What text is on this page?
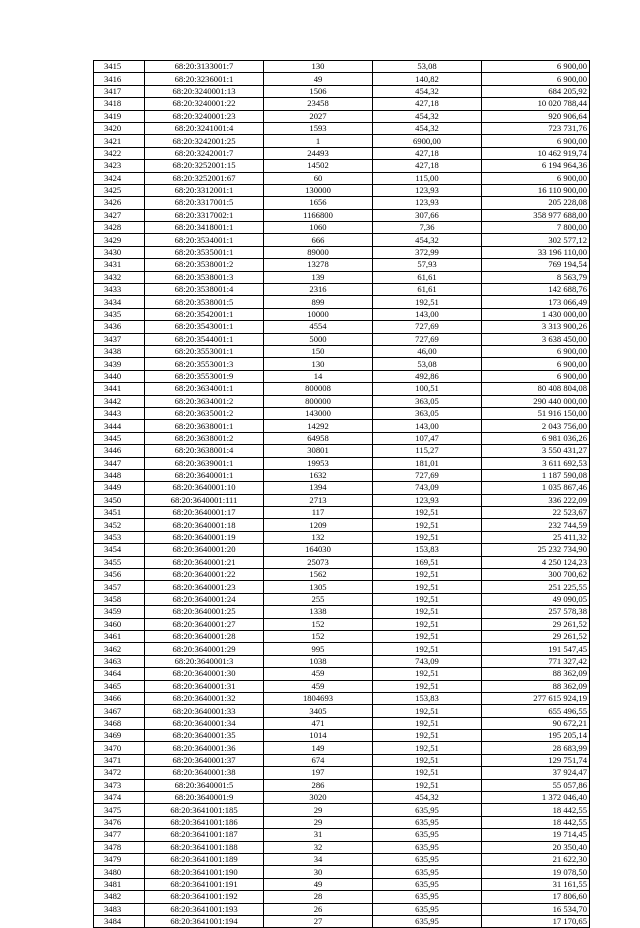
3415	68:20:3133001:7	130	53,08	6 900,00
3416	68:20:3236001:1	49	140,82	6 900,00
3417	68:20:3240001:13	1506	454,32	684 205,92
3418	68:20:3240001:22	23458	427,18	10 020 788,44
3419	68:20:3240001:23	2027	454,32	920 906,64
3420	68:20:3241001:4	1593	454,32	723 731,76
3421	68:20:3242001:25	1	6900,00	6 900,00
3422	68:20:3242001:7	24493	427,18	10 462 919,74
3423	68:20:3252001:15	14502	427,18	6 194 964,36
3424	68:20:3252001:67	60	115,00	6 900,00
3425	68:20:3312001:1	130000	123,93	16 110 900,00
3426	68:20:3317001:5	1656	123,93	205 228,08
3427	68:20:3317002:1	1166800	307,66	358 977 688,00
3428	68:20:3418001:1	1060	7,36	7 800,00
3429	68:20:3534001:1	666	454,32	302 577,12
3430	68:20:3535001:1	89000	372,99	33 196 110,00
3431	68:20:3538001:2	13278	57,93	769 194,54
3432	68:20:3538001:3	139	61,61	8 563,79
3433	68:20:3538001:4	2316	61,61	142 688,76
3434	68:20:3538001:5	899	192,51	173 066,49
3435	68:20:3542001:1	10000	143,00	1 430 000,00
3436	68:20:3543001:1	4554	727,69	3 313 900,26
3437	68:20:3544001:1	5000	727,69	3 638 450,00
3438	68:20:3553001:1	150	46,00	6 900,00
3439	68:20:3553001:3	130	53,08	6 900,00
3440	68:20:3553001:9	14	492,86	6 900,00
3441	68:20:3634001:1	800008	100,51	80 408 804,08
3442	68:20:3634001:2	800000	363,05	290 440 000,00
3443	68:20:3635001:2	143000	363,05	51 916 150,00
3444	68:20:3638001:1	14292	143,00	2 043 756,00
3445	68:20:3638001:2	64958	107,47	6 981 036,26
3446	68:20:3638001:4	30801	115,27	3 550 431,27
3447	68:20:3639001:1	19953	181,01	3 611 692,53
3448	68:20:3640001:1	1632	727,69	1 187 590,08
3449	68:20:3640001:10	1394	743,09	1 035 867,46
3450	68:20:3640001:111	2713	123,93	336 222,09
3451	68:20:3640001:17	117	192,51	22 523,67
3452	68:20:3640001:18	1209	192,51	232 744,59
3453	68:20:3640001:19	132	192,51	25 411,32
3454	68:20:3640001:20	164030	153,83	25 232 734,90
3455	68:20:3640001:21	25073	169,51	4 250 124,23
3456	68:20:3640001:22	1562	192,51	300 700,62
3457	68:20:3640001:23	1305	192,51	251 225,55
3458	68:20:3640001:24	255	192,51	49 090,05
3459	68:20:3640001:25	1338	192,51	257 578,38
3460	68:20:3640001:27	152	192,51	29 261,52
3461	68:20:3640001:28	152	192,51	29 261,52
3462	68:20:3640001:29	995	192,51	191 547,45
3463	68:20:3640001:3	1038	743,09	771 327,42
3464	68:20:3640001:30	459	192,51	88 362,09
3465	68:20:3640001:31	459	192,51	88 362,09
3466	68:20:3640001:32	1804693	153,83	277 615 924,19
3467	68:20:3640001:33	3405	192,51	655 496,55
3468	68:20:3640001:34	471	192,51	90 672,21
3469	68:20:3640001:35	1014	192,51	195 205,14
3470	68:20:3640001:36	149	192,51	28 683,99
3471	68:20:3640001:37	674	192,51	129 751,74
3472	68:20:3640001:38	197	192,51	37 924,47
3473	68:20:3640001:5	286	192,51	55 057,86
3474	68:20:3640001:9	3020	454,32	1 372 046,40
3475	68:20:3641001:185	29	635,95	18 442,55
3476	68:20:3641001:186	29	635,95	18 442,55
3477	68:20:3641001:187	31	635,95	19 714,45
3478	68:20:3641001:188	32	635,95	20 350,40
3479	68:20:3641001:189	34	635,95	21 622,30
3480	68:20:3641001:190	30	635,95	19 078,50
3481	68:20:3641001:191	49	635,95	31 161,55
3482	68:20:3641001:192	28	635,95	17 806,60
3483	68:20:3641001:193	26	635,95	16 534,70
3484	68:20:3641001:194	27	635,95	17 170,65
